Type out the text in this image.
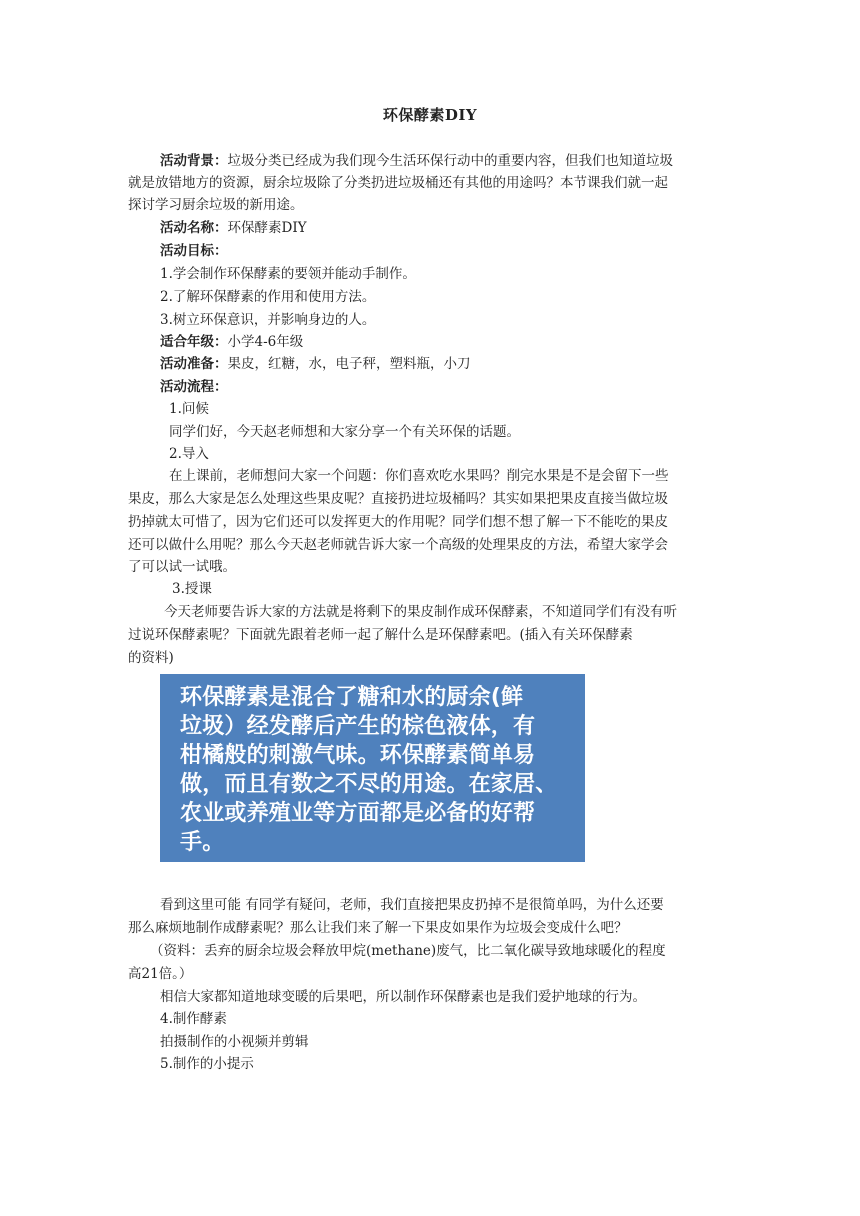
环保酵素DIY
活动背景：垃圾分类已经成为我们现今生活环保行动中的重要内容，但我们也知道垃圾
就是放错地方的资源，厨余垃圾除了分类扔进垃圾桶还有其他的用途吗？本节课我们就一起
探讨学习厨余垃圾的新用途。
活动名称：环保酵素DIY
活动目标：
1.学会制作环保酵素的要领并能动手制作。
2.了解环保酵素的作用和使用方法。
3.树立环保意识，并影响身边的人。
适合年级：小学4-6年级
活动准备：果皮，红糖，水，电子秤，塑料瓶，小刀
活动流程：
1.问候
同学们好，今天赵老师想和大家分享一个有关环保的话题。
2.导入
在上课前，老师想问大家一个问题：你们喜欢吃水果吗？削完水果是不是会留下一些
果皮，那么大家是怎么处理这些果皮呢？直接扔进垃圾桶吗？其实如果把果皮直接当做垃圾
扔掉就太可惜了，因为它们还可以发挥更大的作用呢？同学们想不想了解一下不能吃的果皮
还可以做什么用呢？那么今天赵老师就告诉大家一个高级的处理果皮的方法，希望大家学会
了可以试一试哦。
3.授课
今天老师要告诉大家的方法就是将剩下的果皮制作成环保酵素，不知道同学们有没有听
过说环保酵素呢？下面就先跟着老师一起了解什么是环保酵素吧。(插入有关环保酵素
的资料)
环保酵素是混合了糖和水的厨余(鲜
垃圾）经发酵后产生的棕色液体，有
柑橘般的刺激气味。环保酵素简单易
做，而且有数之不尽的用途。在家居、
农业或养殖业等方面都是必备的好帮
手。
看到这里可能 有同学有疑问，老师，我们直接把果皮扔掉不是很简单吗，为什么还要
那么麻烦地制作成酵素呢？那么让我们来了解一下果皮如果作为垃圾会变成什么吧？
（资料：丢弃的厨余垃圾会释放甲烷(methane)废气，比二氧化碳导致地球暖化的程度
高21倍。）
相信大家都知道地球变暖的后果吧，所以制作环保酵素也是我们爱护地球的行为。
4.制作酵素
拍摄制作的小视频并剪辑
5.制作的小提示
